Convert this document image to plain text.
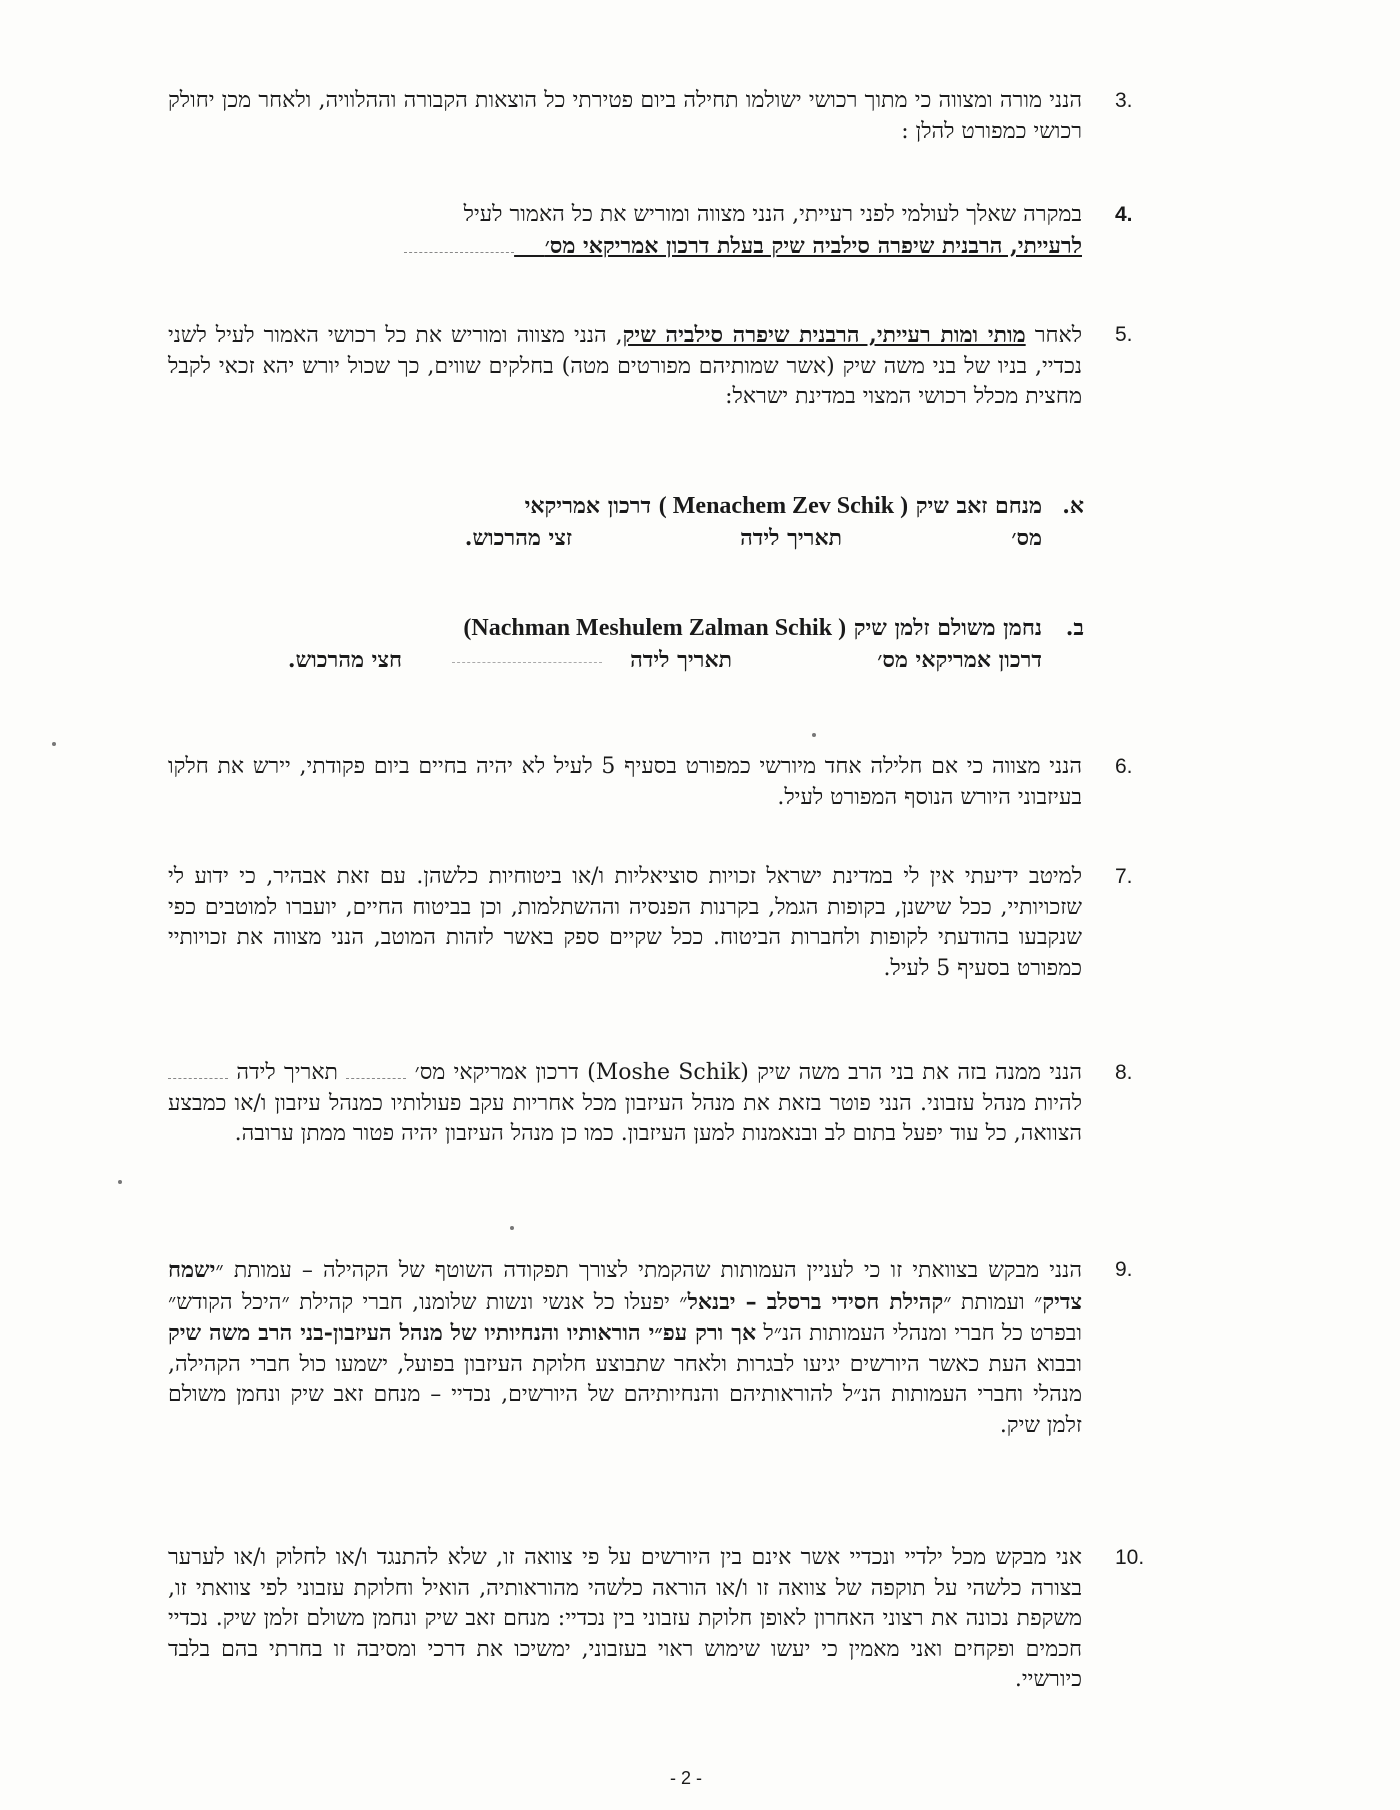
3.
הנני מורה ומצווה כי מתוך רכושי ישולמו תחילה ביום פטירתי כל הוצאות הקבורה וההלוויה, ולאחר מכן יחולק רכושי כמפורט להלן :
4.

במקרה שאלך לעולמי לפני רעייתי, הנני מצווה ומוריש את כל האמור לעיל

לרעייתי, הרבנית שיפרה סילביה שיק בעלת דרכון אמריקאי מס׳

5.
לאחר מותי ומות רעייתי, הרבנית שיפרה סילביה שיק, הנני מצווה ומוריש את כל רכושי האמור לעיל לשני נכדיי, בניו של בני משה שיק (אשר שמותיהם מפורטים מטה) בחלקים שווים, כך שכול יורש יהא זכאי לקבל מחצית מכלל רכושי המצוי במדינת ישראל:
א.
מנחם זאב שיק ( Menachem Zev Schik ) דרכון אמריקאי
מס׳
תאריך לידה
זצי מהרכוש.
ב.
נחמן משולם זלמן שיק (Nachman Meshulem Zalman Schik )
דרכון אמריקאי מס׳
תאריך לידה
חצי מהרכוש.
6.
הנני מצווה כי אם חלילה אחד מיורשי כמפורט בסעיף 5 לעיל לא יהיה בחיים ביום פקודתי, יירש את חלקו בעיזבוני היורש הנוסף המפורט לעיל.
7.
למיטב ידיעתי אין לי במדינת ישראל זכויות סוציאליות ו/או ביטוחיות כלשהן. עם זאת אבהיר, כי ידוע לי שזכויותיי, ככל שישנן, בקופות הגמל, בקרנות הפנסיה וההשתלמות, וכן בביטוח החיים, יועברו למוטבים כפי שנקבעו בהודעתי לקופות ולחברות הביטוח. ככל שקיים ספק באשר לזהות המוטב, הנני מצווה את זכויותיי כמפורט בסעיף 5 לעיל.
8.
הנני ממנה בזה את בני הרב משה שיק (Moshe Schik) דרכון אמריקאי מס׳  תאריך לידה  להיות מנהל עזבוני. הנני פוטר בזאת את מנהל העיזבון מכל אחריות עקב פעולותיו כמנהל עיזבון ו/או כמבצע הצוואה, כל עוד יפעל בתום לב ובנאמנות למען העיזבון. כמו כן מנהל העיזבון יהיה פטור ממתן ערובה.
9.
הנני מבקש בצוואתי זו כי לעניין העמותות שהקמתי לצורך תפקודה השוטף של הקהילה – עמותת ״ישמח צדיק״ ועמותת ״קהילת חסידי ברסלב – יבנאל״ יפעלו כל אנשי ונשות שלומנו, חברי קהילת ״היכל הקודש״ ובפרט כל חברי ומנהלי העמותות הנ״ל אך ורק עפ״י הוראותיו והנחיותיו של מנהל העיזבון-בני הרב משה שיק ובבוא העת כאשר היורשים יגיעו לבגרות ולאחר שתבוצע חלוקת העיזבון בפועל, ישמעו כול חברי הקהילה, מנהלי וחברי העמותות הנ״ל להוראותיהם והנחיותיהם של היורשים, נכדיי – מנחם זאב שיק ונחמן משולם זלמן שיק.
10.
אני מבקש מכל ילדיי ונכדיי אשר אינם בין היורשים על פי צוואה זו, שלא להתנגד ו/או לחלוק ו/או לערער בצורה כלשהי על תוקפה של צוואה זו ו/או הוראה כלשהי מהוראותיה, הואיל וחלוקת עזבוני לפי צוואתי זו, משקפת נכונה את רצוני האחרון לאופן חלוקת עזבוני בין נכדיי: מנחם זאב שיק ונחמן משולם זלמן שיק. נכדיי חכמים ופקחים ואני מאמין כי יעשו שימוש ראוי בעזבוני, ימשיכו את דרכי ומסיבה זו בחרתי בהם בלבד כיורשיי.
- 2 -
